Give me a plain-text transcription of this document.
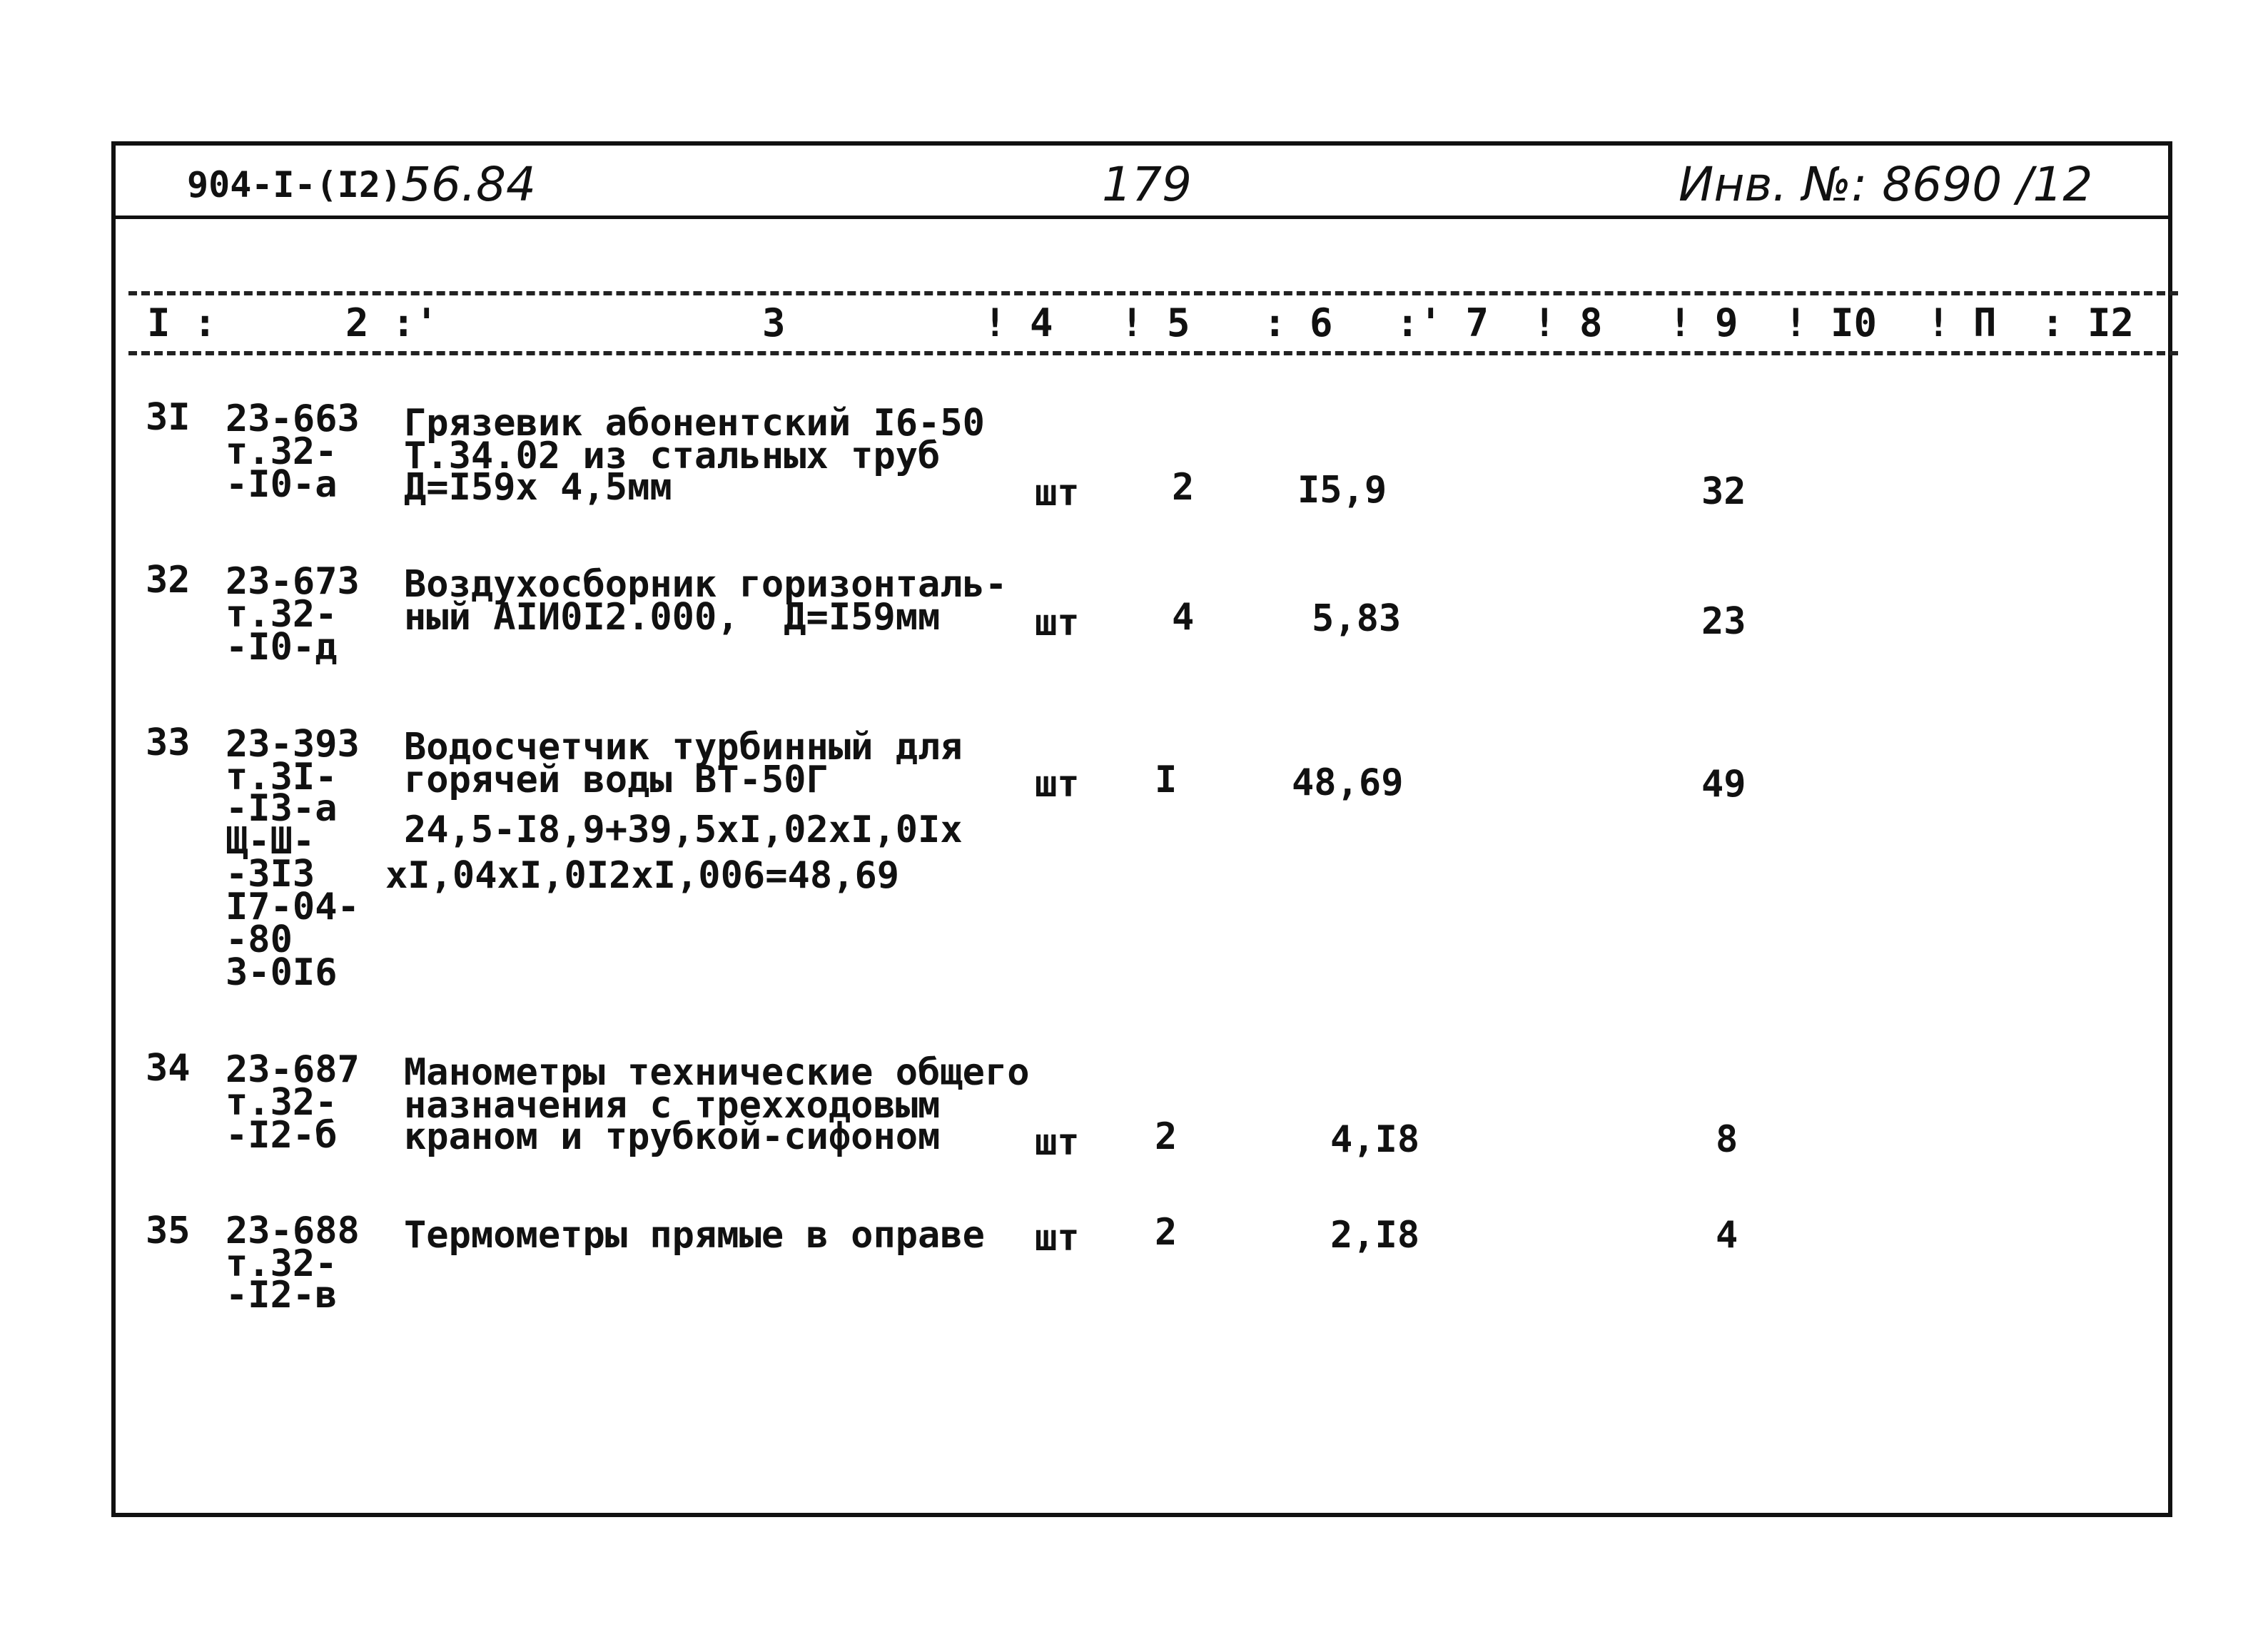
904-I-(I2)
56.84	179	Инв. №: 8690 /12
I :	2 :'	3	! 4 ! 5 : 6 :' 7 ! 8 ! 9 ! I0 ! П : I2
3I 23-663
т.32-
-I0-а
Грязевик абонентский I6-50
Т.34.02 из стальных труб
Д=I59х 4,5мм	шт 2	I5,9	32
32 23-673
т.32-
-I0-д
Воздухосборник горизонталь-
ный АIИ0I2.000,  Д=I59мм	шт 4	5,83	23
33 23-393
т.3I-
-I3-а
Щ-Ш-
-3I3
I7-04-
-80
3-0I6
Водосчетчик турбинный для
горячей воды ВТ-50Г
24,5-I8,9+39,5хI,02хI,0Iх
хI,04хI,0I2хI,006=48,69
шт I	48,69	49
34 23-687
т.32-
-I2-б
Манометры технические общего
назначения с трехходовым
краном и трубкой-сифоном	шт 2	4,I8	8
35 23-688
т.32-
-I2-в
Термометры прямые в оправе шт 2	2,I8	4
